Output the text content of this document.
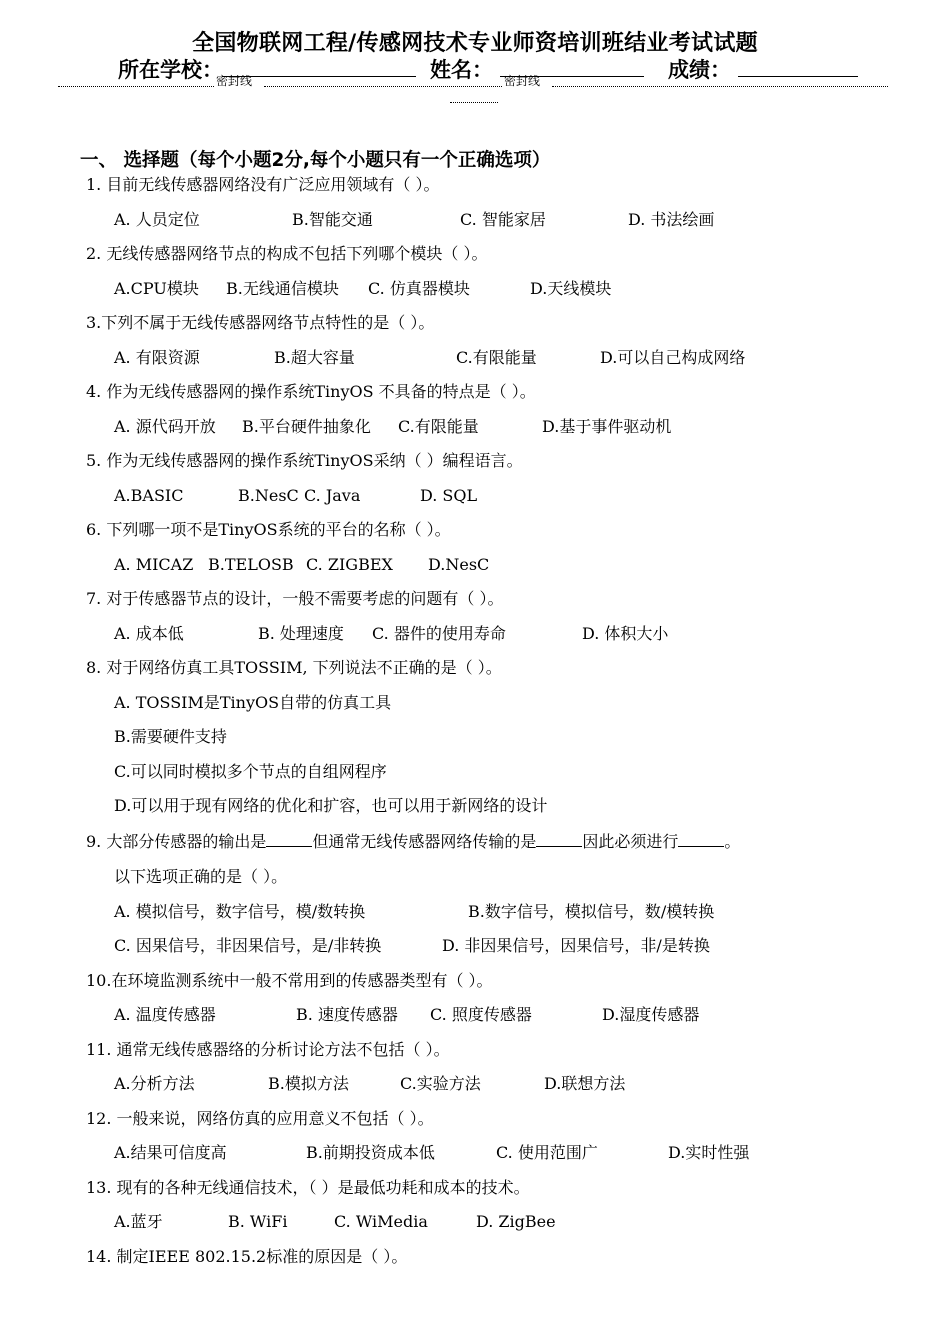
全国物联网工程/传感网技术专业师资培训班结业考试试题
所在学校：	姓名：	成绩：
密封线	密封线
一、 选择题（每个小题2分,每个小题只有一个正确选项）
1. 目前无线传感器网络没有广泛应用领域有（ ）。
A. 人员定位	B.智能交通	C. 智能家居	D. 书法绘画
2. 无线传感器网络节点的构成不包括下列哪个模块（ ）。
A.CPU模块 B.无线通信模块 C. 仿真器模块	D.天线模块
3.下列不属于无线传感器网络节点特性的是（ ）。
A. 有限资源	B.超大容量	C.有限能量	D.可以自己构成网络
4. 作为无线传感器网的操作系统TinyOS 不具备的特点是（ ）。
A. 源代码开放 B.平台硬件抽象化 C.有限能量	D.基于事件驱动机
5. 作为无线传感器网的操作系统TinyOS采纳（ ）编程语言。
A.BASIC	B.NesC C. Java	D. SQL
6. 下列哪一项不是TinyOS系统的平台的名称（ ）。
A. MICAZ B.TELOSB C. ZIGBEX D.NesC
7. 对于传感器节点的设计，一般不需要考虑的问题有（ ）。
A. 成本低	B. 处理速度 C. 器件的使用寿命	D. 体积大小
8. 对于网络仿真工具TOSSIM, 下列说法不正确的是（ ）。
A. TOSSIM是TinyOS自带的仿真工具
B.需要硬件支持
C.可以同时模拟多个节点的自组网程序
D.可以用于现有网络的优化和扩容，也可以用于新网络的设计
9. 大部分传感器的输出是	但通常无线传感器网络传输的是	因此必须进行	。
以下选项正确的是（ ）。
A. 模拟信号，数字信号，模/数转换	B.数字信号，模拟信号，数/模转换
C. 因果信号，非因果信号，是/非转换	D. 非因果信号，因果信号，非/是转换
10.在环境监测系统中一般不常用到的传感器类型有（ ）。
A. 温度传感器	B. 速度传感器 C. 照度传感器	D.湿度传感器
11. 通常无线传感器络的分析讨论方法不包括（ ）。
A.分析方法	B.模拟方法	C.实验方法	D.联想方法
12. 一般来说，网络仿真的应用意义不包括（ ）。
A.结果可信度高	B.前期投资成本低	C. 使用范围广	D.实时性强
13. 现有的各种无线通信技术，（ ）是最低功耗和成本的技术。
A.蓝牙	B. WiFi	C. WiMedia	D. ZigBee
14. 制定IEEE 802.15.2标准的原因是（ ）。
